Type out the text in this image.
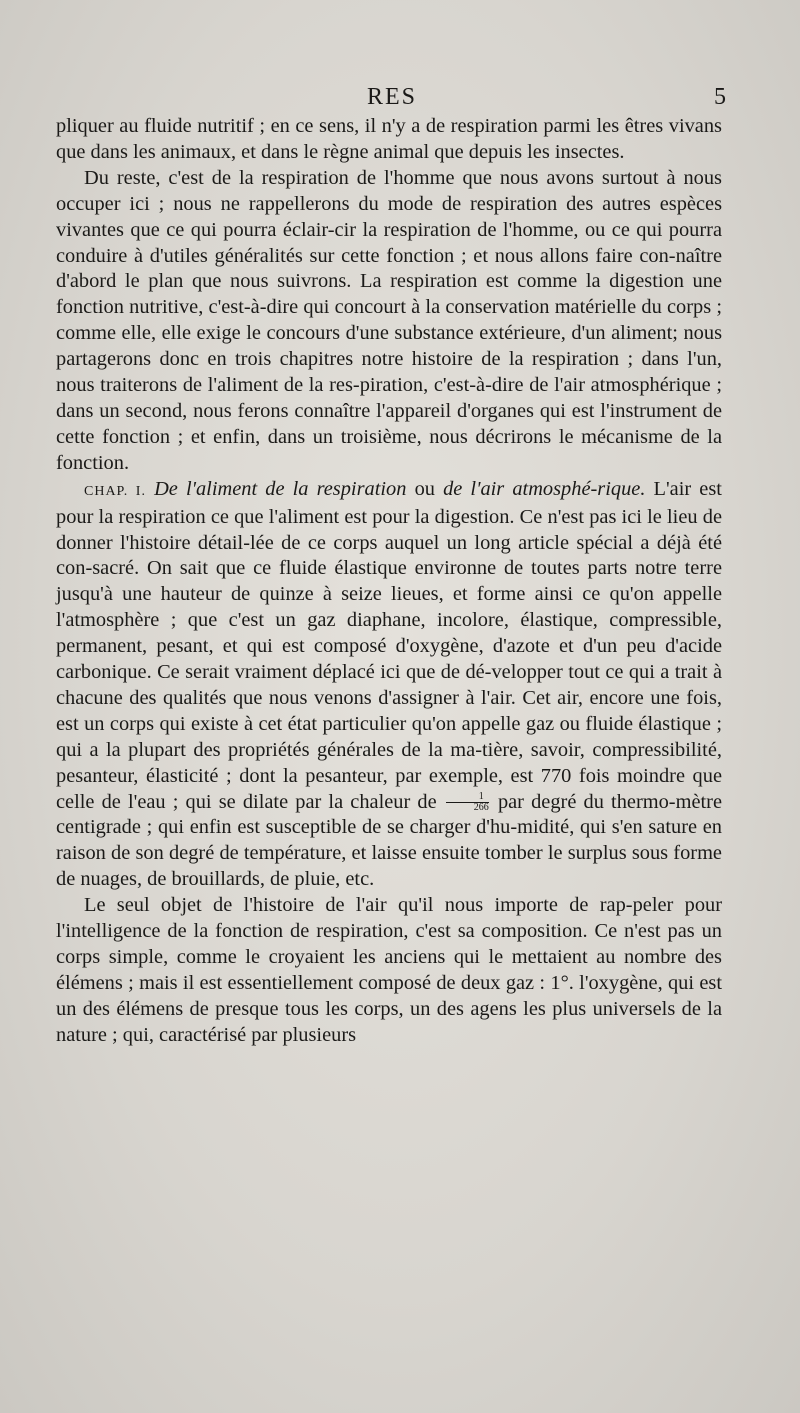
RES	5

pliquer au fluide nutritif ; en ce sens, il n'y a de respiration parmi les êtres vivans que dans les animaux, et dans le règne animal que depuis les insectes.

Du reste, c'est de la respiration de l'homme que nous avons surtout à nous occuper ici ; nous ne rappellerons du mode de respiration des autres espèces vivantes que ce qui pourra éclair-cir la respiration de l'homme, ou ce qui pourra conduire à d'utiles généralités sur cette fonction ; et nous allons faire con-naître d'abord le plan que nous suivrons. La respiration est comme la digestion une fonction nutritive, c'est-à-dire qui concourt à la conservation matérielle du corps ; comme elle, elle exige le concours d'une substance extérieure, d'un aliment; nous partagerons donc en trois chapitres notre histoire de la respiration ; dans l'un, nous traiterons de l'aliment de la res-piration, c'est-à-dire de l'air atmosphérique ; dans un second, nous ferons connaître l'appareil d'organes qui est l'instrument de cette fonction ; et enfin, dans un troisième, nous décrirons le mécanisme de la fonction.

CHAP. I. De l'aliment de la respiration ou de l'air atmosphé-rique. L'air est pour la respiration ce que l'aliment est pour la digestion. Ce n'est pas ici le lieu de donner l'histoire détail-lée de ce corps auquel un long article spécial a déjà été con-sacré. On sait que ce fluide élastique environne de toutes parts notre terre jusqu'à une hauteur de quinze à seize lieues, et forme ainsi ce qu'on appelle l'atmosphère ; que c'est un gaz diaphane, incolore, élastique, compressible, permanent, pesant, et qui est composé d'oxygène, d'azote et d'un peu d'acide carbonique. Ce serait vraiment déplacé ici que de dé-velopper tout ce qui a trait à chacune des qualités que nous venons d'assigner à l'air. Cet air, encore une fois, est un corps qui existe à cet état particulier qu'on appelle gaz ou fluide élastique ; qui a la plupart des propriétés générales de la ma-tière, savoir, compressibilité, pesanteur, élasticité ; dont la pesanteur, par exemple, est 770 fois moindre que celle de l'eau ; qui se dilate par la chaleur de $\frac{1}{266}$ par degré du thermo-mètre centigrade ; qui enfin est susceptible de se charger d'hu-midité, qui s'en sature en raison de son degré de température, et laisse ensuite tomber le surplus sous forme de nuages, de brouillards, de pluie, etc.

Le seul objet de l'histoire de l'air qu'il nous importe de rap-peler pour l'intelligence de la fonction de respiration, c'est sa composition. Ce n'est pas un corps simple, comme le croyaient les anciens qui le mettaient au nombre des élémens ; mais il est essentiellement composé de deux gaz : 1°. l'oxygène, qui est un des élémens de presque tous les corps, un des agens les plus universels de la nature ; qui, caractérisé par plusieurs
